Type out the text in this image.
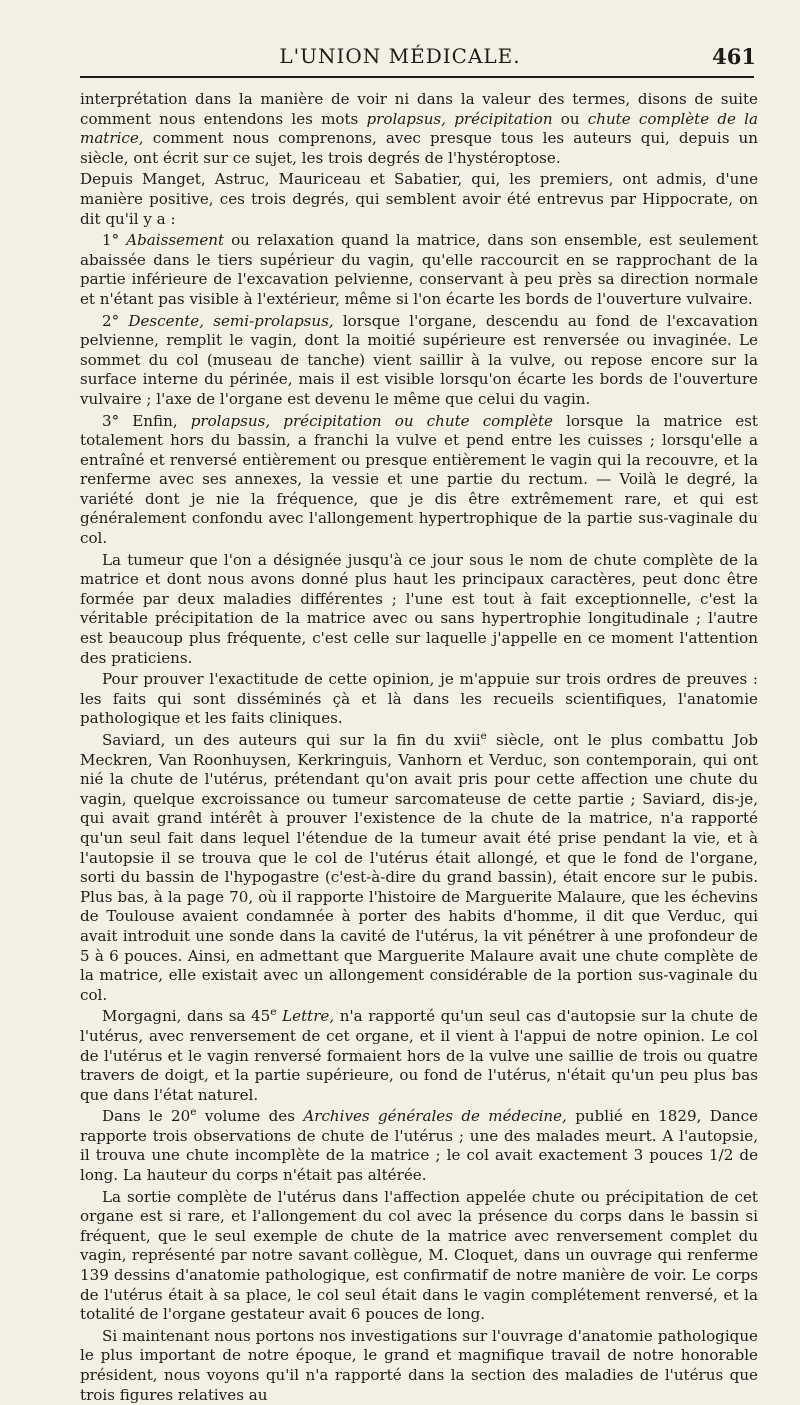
L'UNION MÉDICALE.	461

interprétation dans la manière de voir ni dans la valeur des termes, disons de suite comment nous entendons les mots prolapsus, précipitation ou chute complète de la matrice, comment nous comprenons, avec presque tous les auteurs qui, depuis un siècle, ont écrit sur ce sujet, les trois degrés de l'hystéroptose.

Depuis Manget, Astruc, Mauriceau et Sabatier, qui, les premiers, ont admis, d'une manière positive, ces trois degrés, qui semblent avoir été entrevus par Hippocrate, on dit qu'il y a :

1° Abaissement ou relaxation quand la matrice, dans son ensemble, est seulement abaissée dans le tiers supérieur du vagin, qu'elle raccourcit en se rapprochant de la partie inférieure de l'excavation pelvienne, conservant à peu près sa direction normale et n'étant pas visible à l'extérieur, même si l'on écarte les bords de l'ouverture vulvaire.

2° Descente, semi-prolapsus, lorsque l'organe, descendu au fond de l'excavation pelvienne, remplit le vagin, dont la moitié supérieure est renversée ou invaginée. Le sommet du col (museau de tanche) vient saillir à la vulve, ou repose encore sur la surface interne du périnée, mais il est visible lorsqu'on écarte les bords de l'ouverture vulvaire ; l'axe de l'organe est devenu le même que celui du vagin.

3° Enfin, prolapsus, précipitation ou chute complète lorsque la matrice est totalement hors du bassin, a franchi la vulve et pend entre les cuisses ; lorsqu'elle a entraîné et renversé entièrement ou presque entièrement le vagin qui la recouvre, et la renferme avec ses annexes, la vessie et une partie du rectum. — Voilà le degré, la variété dont je nie la fréquence, que je dis être extrêmement rare, et qui est généralement confondu avec l'allongement hypertrophique de la partie sus-vaginale du col.

La tumeur que l'on a désignée jusqu'à ce jour sous le nom de chute complète de la matrice et dont nous avons donné plus haut les principaux caractères, peut donc être formée par deux maladies différentes ; l'une est tout à fait exceptionnelle, c'est la véritable précipitation de la matrice avec ou sans hypertrophie longitudinale ; l'autre est beaucoup plus fréquente, c'est celle sur laquelle j'appelle en ce moment l'attention des praticiens.

Pour prouver l'exactitude de cette opinion, je m'appuie sur trois ordres de preuves : les faits qui sont disséminés çà et là dans les recueils scientifiques, l'anatomie pathologique et les faits cliniques.

Saviard, un des auteurs qui sur la fin du xvii$^e$ siècle, ont le plus combattu Job Meckren, Van Roonhuysen, Kerkringuis, Vanhorn et Verduc, son contemporain, qui ont nié la chute de l'utérus, prétendant qu'on avait pris pour cette affection une chute du vagin, quelque excroissance ou tumeur sarcomateuse de cette partie ; Saviard, dis-je, qui avait grand intérêt à prouver l'existence de la chute de la matrice, n'a rapporté qu'un seul fait dans lequel l'étendue de la tumeur avait été prise pendant la vie, et à l'autopsie il se trouva que le col de l'utérus était allongé, et que le fond de l'organe, sorti du bassin de l'hypogastre (c'est-à-dire du grand bassin), était encore sur le pubis. Plus bas, à la page 70, où il rapporte l'histoire de Marguerite Malaure, que les échevins de Toulouse avaient condamnée à porter des habits d'homme, il dit que Verduc, qui avait introduit une sonde dans la cavité de l'utérus, la vit pénétrer à une profondeur de 5 à 6 pouces. Ainsi, en admettant que Marguerite Malaure avait une chute complète de la matrice, elle existait avec un allongement considérable de la portion sus-vaginale du col.

Morgagni, dans sa 45e Lettre, n'a rapporté qu'un seul cas d'autopsie sur la chute de l'utérus, avec renversement de cet organe, et il vient à l'appui de notre opinion. Le col de l'utérus et le vagin renversé formaient hors de la vulve une saillie de trois ou quatre travers de doigt, et la partie supérieure, ou fond de l'utérus, n'était qu'un peu plus bas que dans l'état naturel.

Dans le 20e volume des Archives générales de médecine, publié en 1829, Dance rapporte trois observations de chute de l'utérus ; une des malades meurt. A l'autopsie, il trouva une chute incomplète de la matrice ; le col avait exactement 3 pouces 1/2 de long. La hauteur du corps n'était pas altérée.

La sortie complète de l'utérus dans l'affection appelée chute ou précipitation de cet organe est si rare, et l'allongement du col avec la présence du corps dans le bassin si fréquent, que le seul exemple de chute de la matrice avec renversement complet du vagin, représenté par notre savant collègue, M. Cloquet, dans un ouvrage qui renferme 139 dessins d'anatomie pathologique, est confirmatif de notre manière de voir. Le corps de l'utérus était à sa place, le col seul était dans le vagin complétement renversé, et la totalité de l'organe gestateur avait 6 pouces de long.

Si maintenant nous portons nos investigations sur l'ouvrage d'anatomie pathologique le plus important de notre époque, le grand et magnifique travail de notre honorable président, nous voyons qu'il n'a rapporté dans la section des maladies de l'utérus que trois figures relatives au
